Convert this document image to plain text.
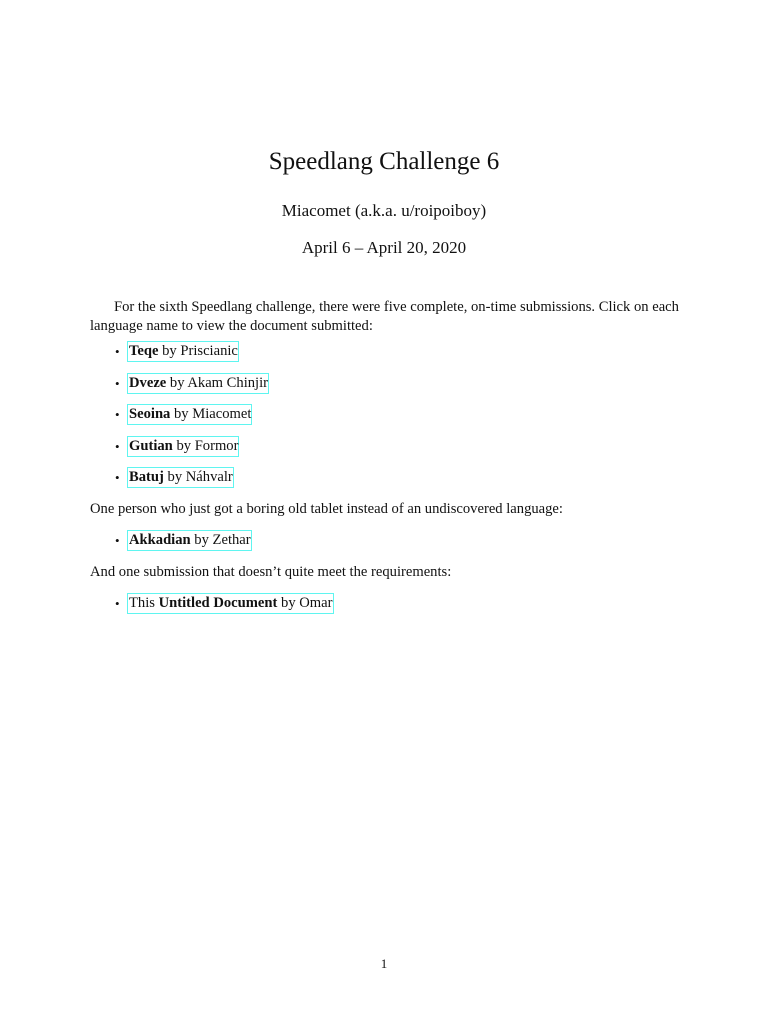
Speedlang Challenge 6
Miacomet (a.k.a. u/roipoiboy)
April 6 – April 20, 2020

For the sixth Speedlang challenge, there were five complete, on-time submissions. Click on each language name to view the document submitted:

• Teqe by Priscianic
• Dveze by Akam Chinjir
• Seoina by Miacomet
• Gutian by Formor
• Batuj by Náhvalr

One person who just got a boring old tablet instead of an undiscovered language:

• Akkadian by Zethar

And one submission that doesn’t quite meet the requirements:

• This Untitled Document by Omar
1
